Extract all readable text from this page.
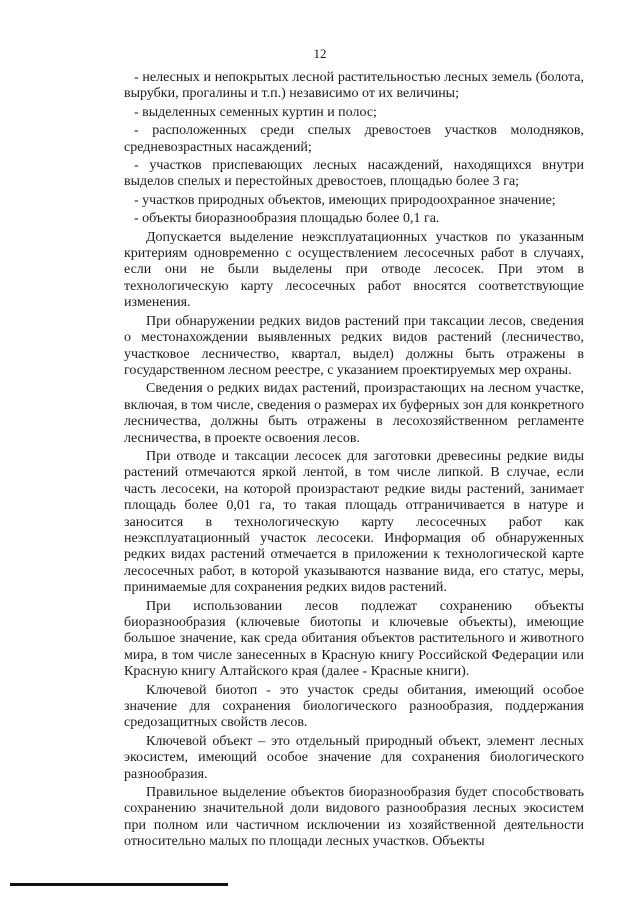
12

- нелесных и непокрытых лесной растительностью лесных земель (болота, вырубки, прогалины и т.п.) независимо от их величины;

- выделенных семенных куртин и полос;

- расположенных среди спелых древостоев участков молодняков, средневозрастных насаждений;

- участков приспевающих лесных насаждений, находящихся внутри выделов спелых и перестойных древостоев, площадью более 3 га;

- участков природных объектов, имеющих природоохранное значение;

- объекты биоразнообразия площадью более 0,1 га.

Допускается выделение неэксплуатационных участков по указанным критериям одновременно с осуществлением лесосечных работ в случаях, если они не были выделены при отводе лесосек. При этом в технологическую карту лесосечных работ вносятся соответствующие изменения.

При обнаружении редких видов растений при таксации лесов, сведения о местонахождении выявленных редких видов растений (лесничество, участковое лесничество, квартал, выдел) должны быть отражены в государственном лесном реестре, с указанием проектируемых мер охраны.

Сведения о редких видах растений, произрастающих на лесном участке, включая, в том числе, сведения о размерах их буферных зон для конкретного лесничества, должны быть отражены в лесохозяйственном регламенте лесничества, в проекте освоения лесов.

При отводе и таксации лесосек для заготовки древесины редкие виды растений отмечаются яркой лентой, в том числе липкой. В случае, если часть лесосеки, на которой произрастают редкие виды растений, занимает площадь более 0,01 га, то такая площадь отграничивается в натуре и заносится в технологическую карту лесосечных работ как неэксплуатационный участок лесосеки. Информация об обнаруженных редких видах растений отмечается в приложении к технологической карте лесосечных работ, в которой указываются название вида, его статус, меры, принимаемые для сохранения редких видов растений.

При использовании лесов подлежат сохранению объекты биоразнообразия (ключевые биотопы и ключевые объекты), имеющие большое значение, как среда обитания объектов растительного и животного мира, в том числе занесенных в Красную книгу Российской Федерации или Красную книгу Алтайского края (далее - Красные книги).

Ключевой биотоп - это участок среды обитания, имеющий особое значение для сохранения биологического разнообразия, поддержания средозащитных свойств лесов.

Ключевой объект – это отдельный природный объект, элемент лесных экосистем, имеющий особое значение для сохранения биологического разнообразия.

Правильное выделение объектов биоразнообразия будет способствовать сохранению значительной доли видового разнообразия лесных экосистем при полном или частичном исключении из хозяйственной деятельности относительно малых по площади лесных участков. Объекты
